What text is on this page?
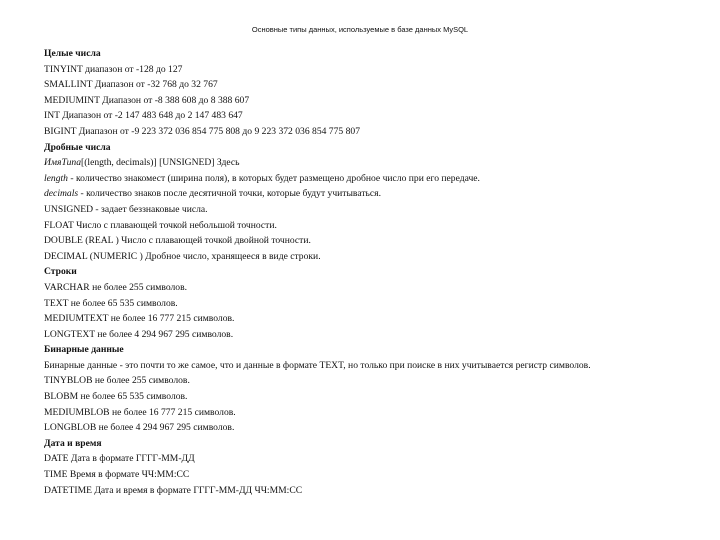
Основные типы данных, используемые в базе данных MySQL
Целые числа
TINYINT диапазон от -128 до 127
SMALLINT Диапазон от -32 768 до 32 767
MEDIUMINT Диапазон от -8 388 608 до 8 388 607
INT Диапазон от -2 147 483 648 до 2 147 483 647
BIGINT Диапазон от -9 223 372 036 854 775 808 до 9 223 372 036 854 775 807
Дробные числа
ИмяТипа[(length, decimals)] [UNSIGNED] Здесь
length - количество знакомест (ширина поля), в которых будет размещено дробное число при его передаче.
decimals - количество знаков после десятичной точки, которые будут учитываться.
UNSIGNED - задает беззнаковые числа.
FLOAT Число с плавающей точкой небольшой точности.
DOUBLE (REAL ) Число с плавающей точкой двойной точности.
DECIMAL (NUMERIC ) Дробное число, хранящееся в виде строки.
Строки
VARCHAR не более 255 символов.
TEXT не более 65 535 символов.
MEDIUMTEXT не более 16 777 215 символов.
LONGTEXT не более 4 294 967 295 символов.
Бинарные данные
Бинарные данные - это почти то же самое, что и данные в формате TEXT, но только при поиске в них учитывается регистр символов.
TINYBLOB не более 255 символов.
BLOBM не более 65 535 символов.
MEDIUMBLOB не более 16 777 215 символов.
LONGBLOB не более 4 294 967 295 символов.
Дата и время
DATE Дата в формате ГГГГ-ММ-ДД
TIME Время в формате ЧЧ:ММ:СС
DATETIME Дата и время в формате ГГГГ-ММ-ДД ЧЧ:ММ:СС
